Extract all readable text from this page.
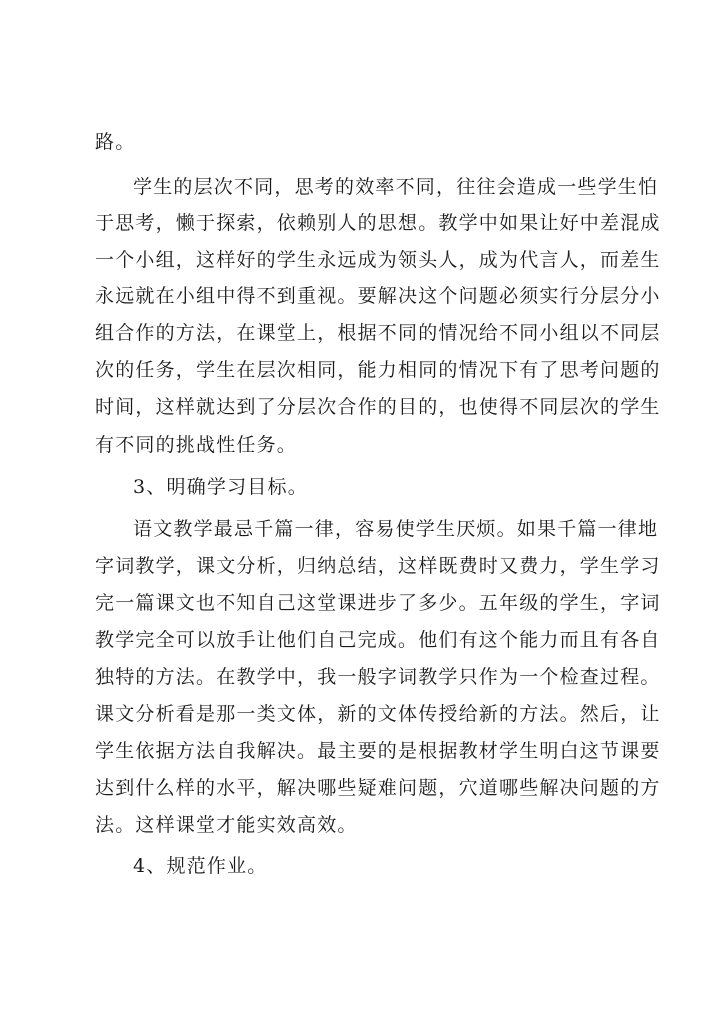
路。
学生的层次不同，思考的效率不同，往往会造成一些学生怕
于思考，懒于探索，依赖别人的思想。教学中如果让好中差混成
一个小组，这样好的学生永远成为领头人，成为代言人，而差生
永远就在小组中得不到重视。要解决这个问题必须实行分层分小
组合作的方法，在课堂上，根据不同的情况给不同小组以不同层
次的任务，学生在层次相同，能力相同的情况下有了思考问题的
时间，这样就达到了分层次合作的目的，也使得不同层次的学生
有不同的挑战性任务。
3、明确学习目标。
语文教学最忌千篇一律，容易使学生厌烦。如果千篇一律地
字词教学，课文分析，归纳总结，这样既费时又费力，学生学习
完一篇课文也不知自己这堂课进步了多少。五年级的学生，字词
教学完全可以放手让他们自己完成。他们有这个能力而且有各自
独特的方法。在教学中，我一般字词教学只作为一个检查过程。
课文分析看是那一类文体，新的文体传授给新的方法。然后，让
学生依据方法自我解决。最主要的是根据教材学生明白这节课要
达到什么样的水平，解决哪些疑难问题，穴道哪些解决问题的方
法。这样课堂才能实效高效。
4、规范作业。
